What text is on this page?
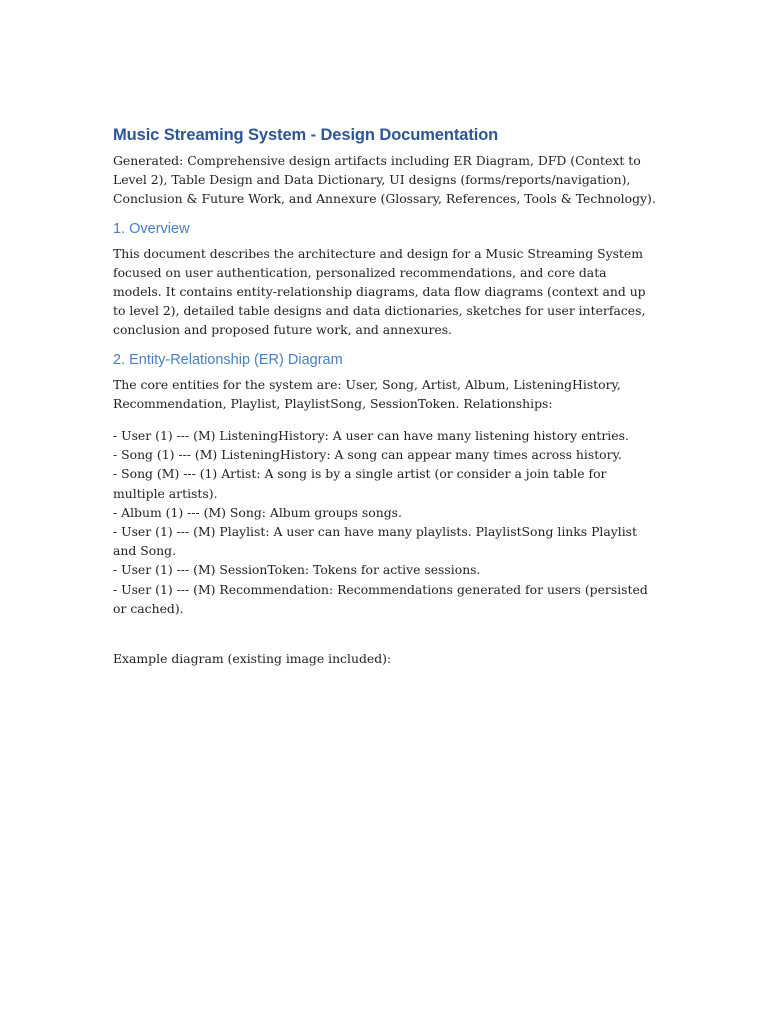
Music Streaming System - Design Documentation

Generated: Comprehensive design artifacts including ER Diagram, DFD (Context to Level 2), Table Design and Data Dictionary, UI designs (forms/reports/navigation), Conclusion & Future Work, and Annexure (Glossary, References, Tools & Technology).

1. Overview

This document describes the architecture and design for a Music Streaming System focused on user authentication, personalized recommendations, and core data models. It contains entity-relationship diagrams, data flow diagrams (context and up to level 2), detailed table designs and data dictionaries, sketches for user interfaces, conclusion and proposed future work, and annexures.

2. Entity-Relationship (ER) Diagram

The core entities for the system are: User, Song, Artist, Album, ListeningHistory, Recommendation, Playlist, PlaylistSong, SessionToken. Relationships:

- User (1) --- (M) ListeningHistory: A user can have many listening history entries.

- Song (1) --- (M) ListeningHistory: A song can appear many times across history.

- Song (M) --- (1) Artist: A song is by a single artist (or consider a join table for multiple artists).

- Album (1) --- (M) Song: Album groups songs.

- User (1) --- (M) Playlist: A user can have many playlists. PlaylistSong links Playlist and Song.

- User (1) --- (M) SessionToken: Tokens for active sessions.

- User (1) --- (M) Recommendation: Recommendations generated for users (persisted or cached).

Example diagram (existing image included):
